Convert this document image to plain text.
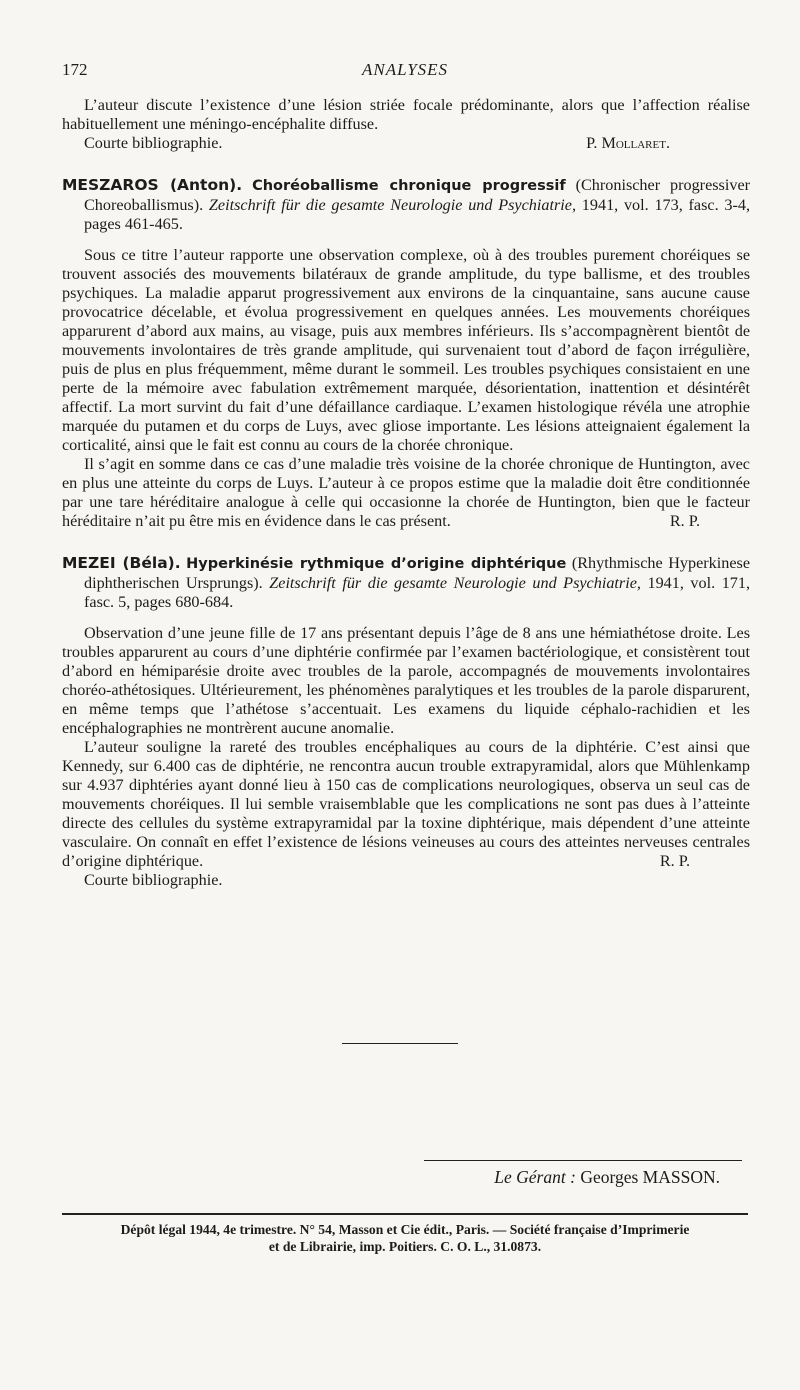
172	ANALYSES

L’auteur discute l’existence d’une lésion striée focale prédominante, alors que l’affection réalise habituellement une méningo-encéphalite diffuse.

Courte bibliographie.	P. Mollaret.

MESZAROS (Anton). Choréoballisme chronique progressif (Chronischer progressiver Choreoballismus). Zeitschrift für die gesamte Neurologie und Psychiatrie, 1941, vol. 173, fasc. 3-4, pages 461-465.

Sous ce titre l’auteur rapporte une observation complexe, où à des troubles purement choréiques se trouvent associés des mouvements bilatéraux de grande amplitude, du type ballisme, et des troubles psychiques. La maladie apparut progressivement aux environs de la cinquantaine, sans aucune cause provocatrice décelable, et évolua progressivement en quelques années. Les mouvements choréiques apparurent d’abord aux mains, au visage, puis aux membres inférieurs. Ils s’accompagnèrent bientôt de mouvements involontaires de très grande amplitude, qui survenaient tout d’abord de façon irrégulière, puis de plus en plus fréquemment, même durant le sommeil. Les troubles psychiques consistaient en une perte de la mémoire avec fabulation extrêmement marquée, désorientation, inattention et désintérêt affectif. La mort survint du fait d’une défaillance cardiaque. L’examen histologique révéla une atrophie marquée du putamen et du corps de Luys, avec gliose importante. Les lésions atteignaient également la corticalité, ainsi que le fait est connu au cours de la chorée chronique.

Il s’agit en somme dans ce cas d’une maladie très voisine de la chorée chronique de Huntington, avec en plus une atteinte du corps de Luys. L’auteur à ce propos estime que la maladie doit être conditionnée par une tare héréditaire analogue à celle qui occasionne la chorée de Huntington, bien que le facteur héréditaire n’ait pu être mis en évidence dans le cas présent.	R. P.

MEZEI (Béla). Hyperkinésie rythmique d’origine diphtérique (Rhythmische Hyperkinese diphtherischen Ursprungs). Zeitschrift für die gesamte Neurologie und Psychiatrie, 1941, vol. 171, fasc. 5, pages 680-684.

Observation d’une jeune fille de 17 ans présentant depuis l’âge de 8 ans une hémiathétose droite. Les troubles apparurent au cours d’une diphtérie confirmée par l’examen bactériologique, et consistèrent tout d’abord en hémiparésie droite avec troubles de la parole, accompagnés de mouvements involontaires choréo-athétosiques. Ultérieurement, les phénomènes paralytiques et les troubles de la parole disparurent, en même temps que l’athétose s’accentuait. Les examens du liquide céphalo-rachidien et les encéphalographies ne montrèrent aucune anomalie.

L’auteur souligne la rareté des troubles encéphaliques au cours de la diphtérie. C’est ainsi que Kennedy, sur 6.400 cas de diphtérie, ne rencontra aucun trouble extrapyramidal, alors que Mühlenkamp sur 4.937 diphtéries ayant donné lieu à 150 cas de complications neurologiques, observa un seul cas de mouvements choréiques. Il lui semble vraisemblable que les complications ne sont pas dues à l’atteinte directe des cellules du système extrapyramidal par la toxine diphtérique, mais dépendent d’une atteinte vasculaire. On connaît en effet l’existence de lésions veineuses au cours des atteintes nerveuses centrales d’origine diphtérique.	R. P.

Courte bibliographie.

Le Gérant : Georges MASSON.
Dépôt légal 1944, 4e trimestre. N° 54, Masson et Cie édit., Paris. — Société française d’Imprimerie
et de Librairie, imp. Poitiers. C. O. L., 31.0873.
